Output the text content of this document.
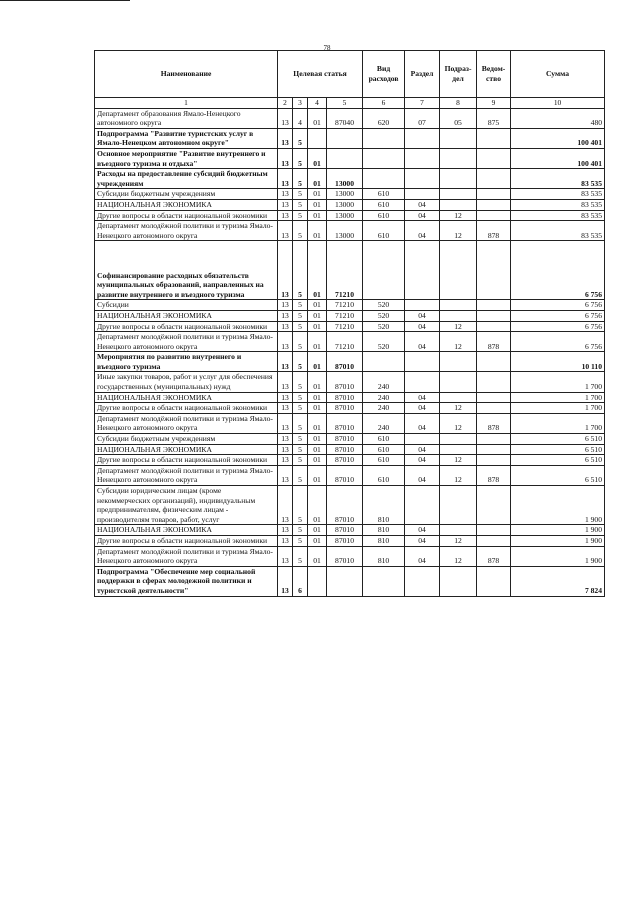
78
Наименование	Целевая статья				Вид расходов	Раздел	Подраз-дел	Ведом-ство	Сумма
1	2	3	4	5	6	7	8	9	10
Департамент образования Ямало-Ненецкого автономного округа	13	4	01	87040	620	07	05	875	480
Подпрограмма "Развитие туристских услуг в Ямало-Ненецком автономном округе"	13	5							100 401
Основное мероприятие "Развитие внутреннего и въездного туризма и отдыха"	13	5	01						100 401
Расходы на предоставление субсидий бюджетным учреждениям	13	5	01	13000					83 535
Субсидии бюджетным учреждениям	13	5	01	13000	610				83 535
НАЦИОНАЛЬНАЯ ЭКОНОМИКА	13	5	01	13000	610	04			83 535
Другие вопросы в области национальной экономики	13	5	01	13000	610	04	12		83 535
Департамент молодёжной политики и туризма Ямало-Ненецкого автономного округа	13	5	01	13000	610	04	12	878	83 535
Софинансирование расходных обязательств муниципальных образований, направленных на развитие внутреннего и въездного туризма	13	5	01	71210					6 756
Субсидии	13	5	01	71210	520				6 756
НАЦИОНАЛЬНАЯ ЭКОНОМИКА	13	5	01	71210	520	04			6 756
Другие вопросы в области национальной экономики	13	5	01	71210	520	04	12		6 756
Департамент молодёжной политики и туризма Ямало-Ненецкого автономного округа	13	5	01	71210	520	04	12	878	6 756
Мероприятия по развитию внутреннего и въездного туризма	13	5	01	87010					10 110
Иные закупки товаров, работ и услуг для обеспечения государственных (муниципальных) нужд	13	5	01	87010	240				1 700
НАЦИОНАЛЬНАЯ ЭКОНОМИКА	13	5	01	87010	240	04			1 700
Другие вопросы в области национальной экономики	13	5	01	87010	240	04	12		1 700
Департамент молодёжной политики и туризма Ямало-Ненецкого автономного округа	13	5	01	87010	240	04	12	878	1 700
Субсидии бюджетным учреждениям	13	5	01	87010	610				6 510
НАЦИОНАЛЬНАЯ ЭКОНОМИКА	13	5	01	87010	610	04			6 510
Другие вопросы в области национальной экономики	13	5	01	87010	610	04	12		6 510
Департамент молодёжной политики и туризма Ямало-Ненецкого автономного округа	13	5	01	87010	610	04	12	878	6 510
Субсидии юридическим лицам (кроме некоммерческих организаций), индивидуальным предпринимателям, физическим лицам - производителям товаров, работ, услуг	13	5	01	87010	810				1 900
НАЦИОНАЛЬНАЯ ЭКОНОМИКА	13	5	01	87010	810	04			1 900
Другие вопросы в области национальной экономики	13	5	01	87010	810	04	12		1 900
Департамент молодёжной политики и туризма Ямало-Ненецкого автономного округа	13	5	01	87010	810	04	12	878	1 900
Подпрограмма "Обеспечение мер социальной поддержки в сферах молодежной политики и туристской деятельности"	13	6							7 824
